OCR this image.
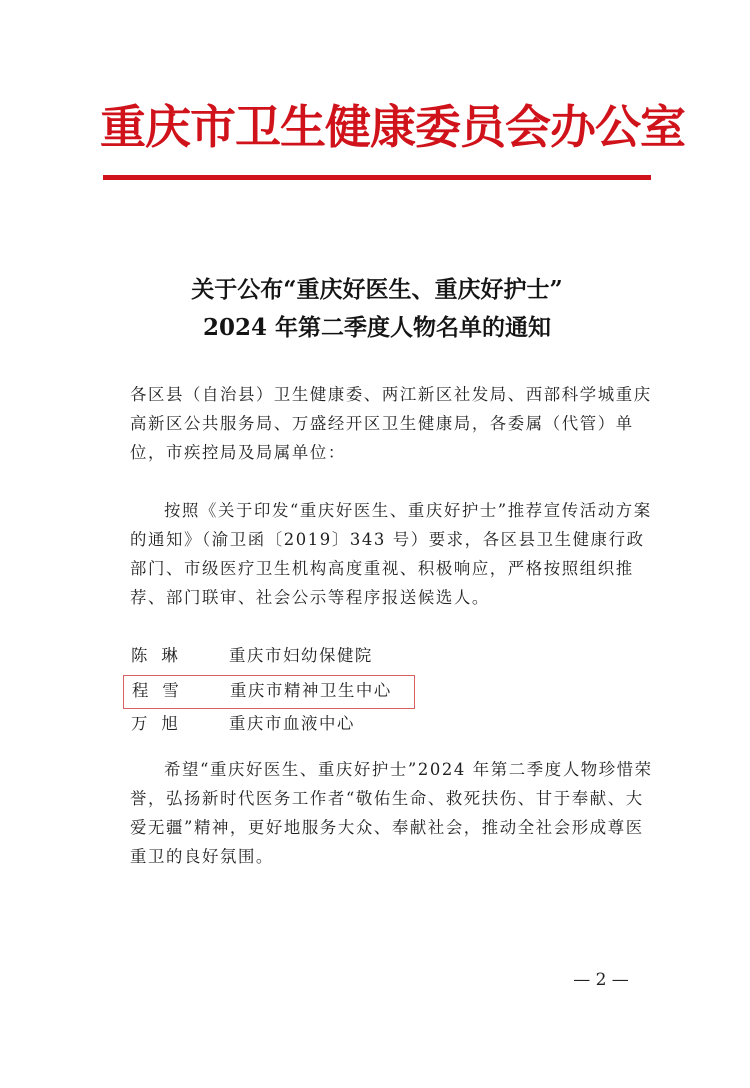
重庆市卫生健康委员会办公室
关于公布“重庆好医生、重庆好护士”
2024 年第二季度人物名单的通知
各区县（自治县）卫生健康委、两江新区社发局、西部科学城重庆高新区公共服务局、万盛经开区卫生健康局，各委属（代管）单位，市疾控局及局属单位：
按照《关于印发“重庆好医生、重庆好护士”推荐宣传活动方案的通知》（渝卫函〔2019〕343 号）要求，各区县卫生健康行政部门、市级医疗卫生机构高度重视、积极响应，严格按照组织推荐、部门联审、社会公示等程序报送候选人。
陈琳 重庆市妇幼保健院
程雪 重庆市精神卫生中心
万旭 重庆市血液中心
希望“重庆好医生、重庆好护士”2024 年第二季度人物珍惜荣誉，弘扬新时代医务工作者“敬佑生命、救死扶伤、甘于奉献、大爱无疆”精神，更好地服务大众、奉献社会，推动全社会形成尊医重卫的良好氛围。
— 2 —
